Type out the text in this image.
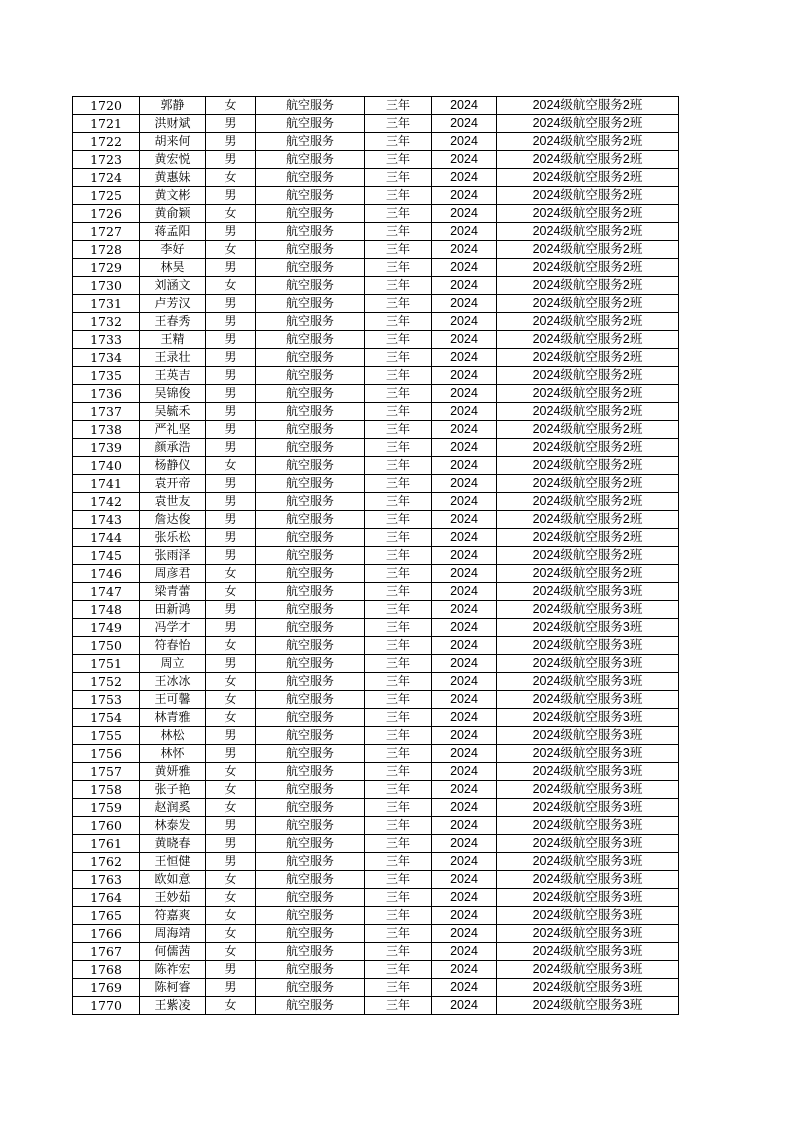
1720	郭静	女	航空服务	三年	2024	2024级航空服务2班
1721	洪财斌	男	航空服务	三年	2024	2024级航空服务2班
1722	胡来何	男	航空服务	三年	2024	2024级航空服务2班
1723	黄宏悦	男	航空服务	三年	2024	2024级航空服务2班
1724	黄惠妹	女	航空服务	三年	2024	2024级航空服务2班
1725	黄文彬	男	航空服务	三年	2024	2024级航空服务2班
1726	黄俞颖	女	航空服务	三年	2024	2024级航空服务2班
1727	蒋孟阳	男	航空服务	三年	2024	2024级航空服务2班
1728	李好	女	航空服务	三年	2024	2024级航空服务2班
1729	林昊	男	航空服务	三年	2024	2024级航空服务2班
1730	刘涵文	女	航空服务	三年	2024	2024级航空服务2班
1731	卢芳汉	男	航空服务	三年	2024	2024级航空服务2班
1732	王春秀	男	航空服务	三年	2024	2024级航空服务2班
1733	王精	男	航空服务	三年	2024	2024级航空服务2班
1734	王录壮	男	航空服务	三年	2024	2024级航空服务2班
1735	王英吉	男	航空服务	三年	2024	2024级航空服务2班
1736	吴锦俊	男	航空服务	三年	2024	2024级航空服务2班
1737	吴毓禾	男	航空服务	三年	2024	2024级航空服务2班
1738	严礼坚	男	航空服务	三年	2024	2024级航空服务2班
1739	颜承浩	男	航空服务	三年	2024	2024级航空服务2班
1740	杨静仪	女	航空服务	三年	2024	2024级航空服务2班
1741	袁开帝	男	航空服务	三年	2024	2024级航空服务2班
1742	袁世友	男	航空服务	三年	2024	2024级航空服务2班
1743	詹达俊	男	航空服务	三年	2024	2024级航空服务2班
1744	张乐松	男	航空服务	三年	2024	2024级航空服务2班
1745	张雨泽	男	航空服务	三年	2024	2024级航空服务2班
1746	周彦君	女	航空服务	三年	2024	2024级航空服务2班
1747	梁青蕾	女	航空服务	三年	2024	2024级航空服务3班
1748	田新鸿	男	航空服务	三年	2024	2024级航空服务3班
1749	冯学才	男	航空服务	三年	2024	2024级航空服务3班
1750	符春怡	女	航空服务	三年	2024	2024级航空服务3班
1751	周立	男	航空服务	三年	2024	2024级航空服务3班
1752	王冰冰	女	航空服务	三年	2024	2024级航空服务3班
1753	王可馨	女	航空服务	三年	2024	2024级航空服务3班
1754	林青雅	女	航空服务	三年	2024	2024级航空服务3班
1755	林松	男	航空服务	三年	2024	2024级航空服务3班
1756	林怀	男	航空服务	三年	2024	2024级航空服务3班
1757	黄妍雅	女	航空服务	三年	2024	2024级航空服务3班
1758	张子艳	女	航空服务	三年	2024	2024级航空服务3班
1759	赵润奚	女	航空服务	三年	2024	2024级航空服务3班
1760	林泰发	男	航空服务	三年	2024	2024级航空服务3班
1761	黄晓春	男	航空服务	三年	2024	2024级航空服务3班
1762	王恒健	男	航空服务	三年	2024	2024级航空服务3班
1763	欧如意	女	航空服务	三年	2024	2024级航空服务3班
1764	王妙茹	女	航空服务	三年	2024	2024级航空服务3班
1765	符嘉爽	女	航空服务	三年	2024	2024级航空服务3班
1766	周海靖	女	航空服务	三年	2024	2024级航空服务3班
1767	何儒茜	女	航空服务	三年	2024	2024级航空服务3班
1768	陈祚宏	男	航空服务	三年	2024	2024级航空服务3班
1769	陈柯睿	男	航空服务	三年	2024	2024级航空服务3班
1770	王紫凌	女	航空服务	三年	2024	2024级航空服务3班
